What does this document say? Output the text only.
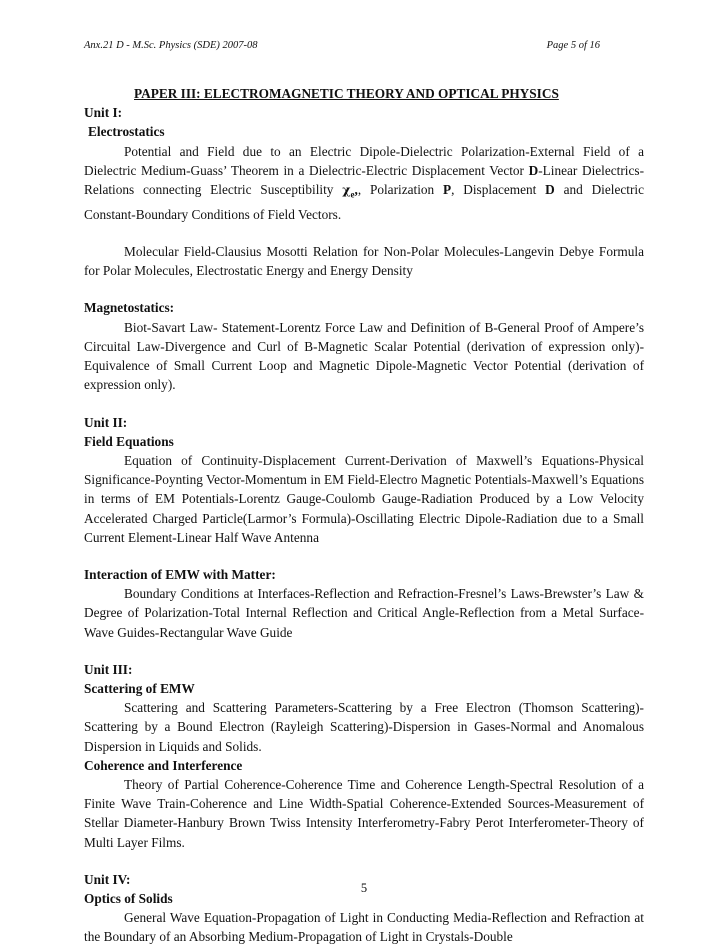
Anx.21 D - M.Sc. Physics (SDE) 2007-08	Page 5 of 16
PAPER III: ELECTROMAGNETIC THEORY AND OPTICAL PHYSICS
Unit I:
Electrostatics

Potential and Field due to an Electric Dipole-Dielectric Polarization-External Field of a Dielectric Medium-Guass’ Theorem in a Dielectric-Electric Displacement Vector D-Linear Dielectrics-Relations connecting Electric Susceptibility $\chi_e$,, Polarization P, Displacement D and Dielectric Constant-Boundary Conditions of Field Vectors.

Molecular Field-Clausius Mosotti Relation for Non-Polar Molecules-Langevin Debye Formula for Polar Molecules, Electrostatic Energy and Energy Density

Magnetostatics:

Biot-Savart Law- Statement-Lorentz Force Law and Definition of B-General Proof of Ampere’s Circuital Law-Divergence and Curl of B-Magnetic Scalar Potential (derivation of expression only)-Equivalence of Small Current Loop and Magnetic Dipole-Magnetic Vector Potential (derivation of expression only).

Unit II:
Field Equations

Equation of Continuity-Displacement Current-Derivation of Maxwell’s Equations-Physical Significance-Poynting Vector-Momentum in EM Field-Electro Magnetic Potentials-Maxwell’s Equations in terms of EM Potentials-Lorentz Gauge-Coulomb Gauge-Radiation Produced by a Low Velocity Accelerated Charged Particle(Larmor’s Formula)-Oscillating Electric Dipole-Radiation due to a Small Current Element-Linear Half Wave Antenna

Interaction of EMW with Matter:

Boundary Conditions at Interfaces-Reflection and Refraction-Fresnel’s Laws-Brewster’s Law & Degree of Polarization-Total Internal Reflection and Critical Angle-Reflection from a Metal Surface-Wave Guides-Rectangular Wave Guide

Unit III:
Scattering of EMW

Scattering and Scattering Parameters-Scattering by a Free Electron (Thomson Scattering)-Scattering by a Bound Electron (Rayleigh Scattering)-Dispersion in Gases-Normal and Anomalous Dispersion in Liquids and Solids.

Coherence and Interference

Theory of Partial Coherence-Coherence Time and Coherence Length-Spectral Resolution of a Finite Wave Train-Coherence and Line Width-Spatial Coherence-Extended Sources-Measurement of Stellar Diameter-Hanbury Brown Twiss Intensity Interferometry-Fabry Perot Interferometer-Theory of Multi Layer Films.

Unit IV:
Optics of Solids

General Wave Equation-Propagation of Light in Conducting Media-Reflection and Refraction at the Boundary of an Absorbing Medium-Propagation of Light in Crystals-Double

5
